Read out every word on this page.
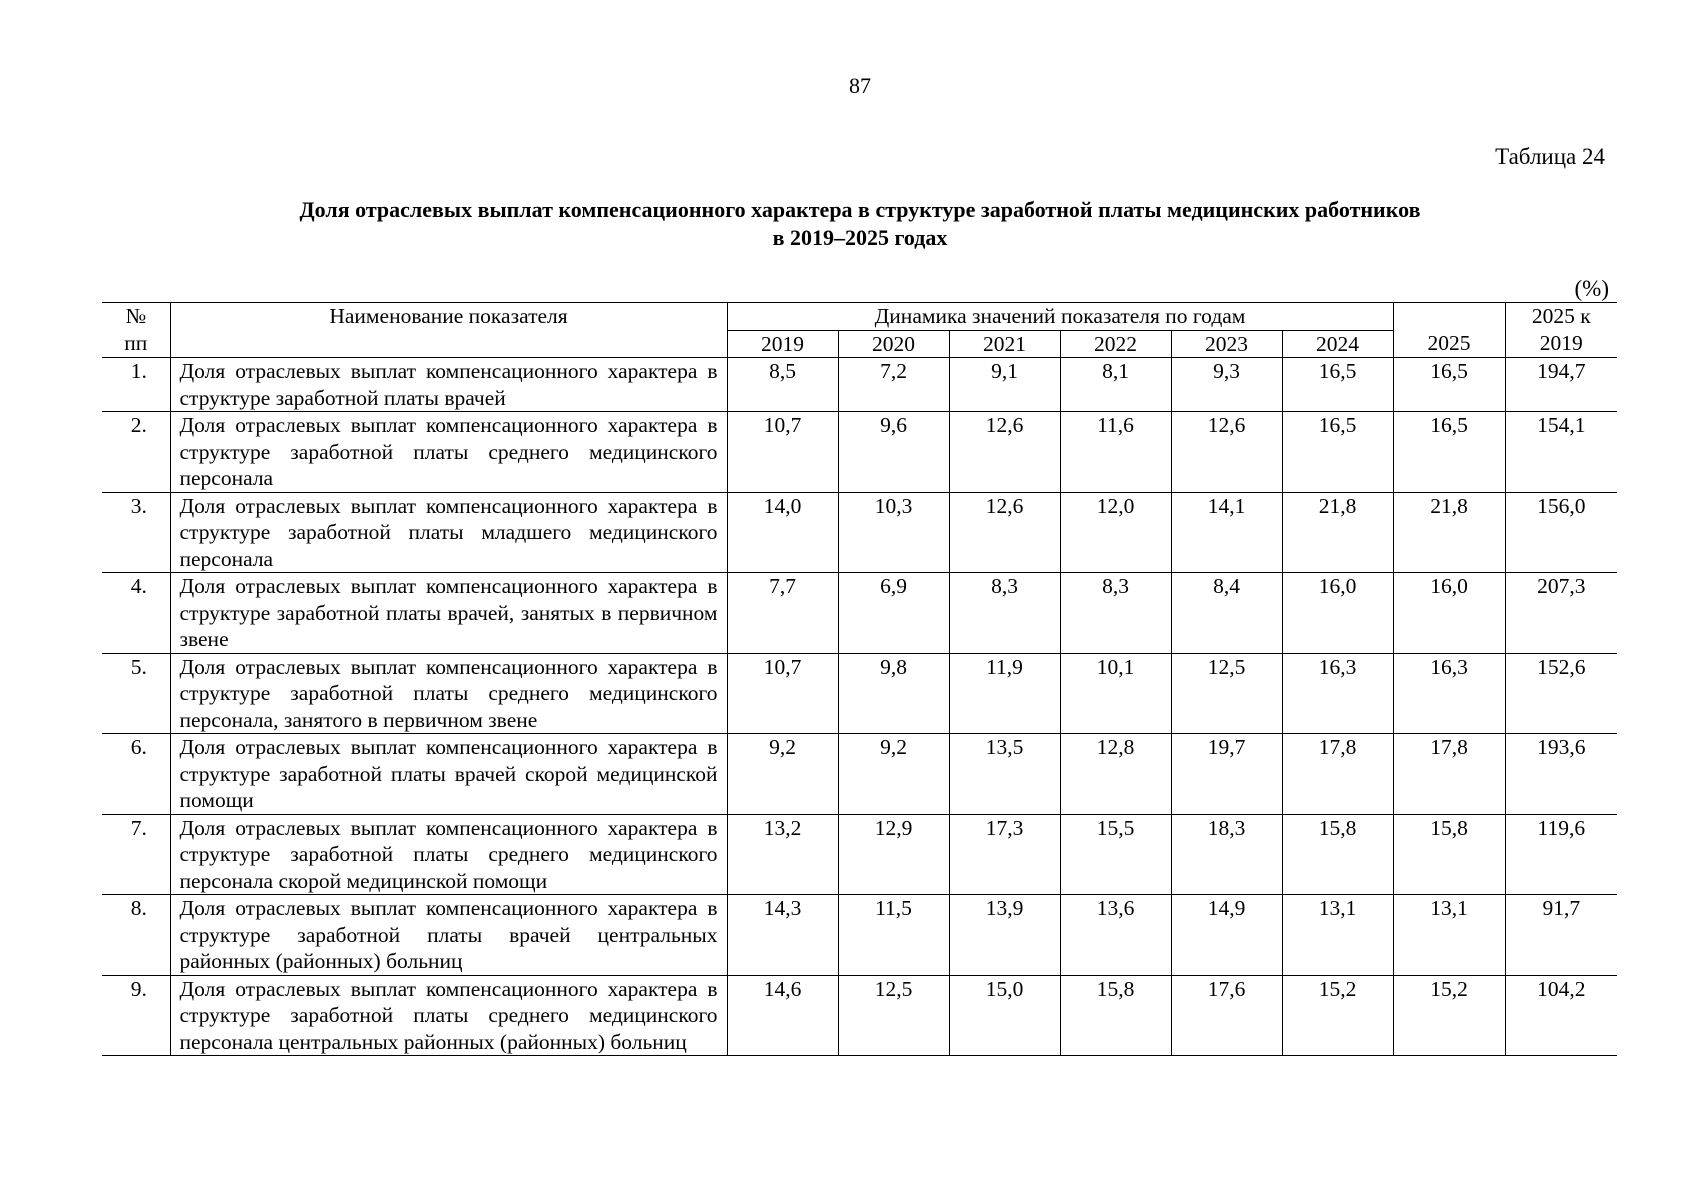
87
Таблица 24
Доля отраслевых выплат компенсационного характера в структуре заработной платы медицинских работников
в 2019–2025 годах
(%)
№	Наименование показателя	Динамика значений показателя по годам							2025 к
пп		2019	2020	2021	2022	2023	2024	2025	2019
1.	Доля отраслевых выплат компенсационного характера в структуре заработной платы врачей	8,5	7,2	9,1	8,1	9,3	16,5	16,5	194,7
2.	Доля отраслевых выплат компенсационного характера в структуре заработной платы среднего медицинского персонала	10,7	9,6	12,6	11,6	12,6	16,5	16,5	154,1
3.	Доля отраслевых выплат компенсационного характера в структуре заработной платы младшего медицинского персонала	14,0	10,3	12,6	12,0	14,1	21,8	21,8	156,0
4.	Доля отраслевых выплат компенсационного характера в структуре заработной платы врачей, занятых в первичном звене	7,7	6,9	8,3	8,3	8,4	16,0	16,0	207,3
5.	Доля отраслевых выплат компенсационного характера в структуре заработной платы среднего медицинского персонала, занятого в первичном звене	10,7	9,8	11,9	10,1	12,5	16,3	16,3	152,6
6.	Доля отраслевых выплат компенсационного характера в структуре заработной платы врачей скорой медицинской помощи	9,2	9,2	13,5	12,8	19,7	17,8	17,8	193,6
7.	Доля отраслевых выплат компенсационного характера в структуре заработной платы среднего медицинского персонала скорой медицинской помощи	13,2	12,9	17,3	15,5	18,3	15,8	15,8	119,6
8.	Доля отраслевых выплат компенсационного характера в структуре заработной платы врачей центральных районных (районных) больниц	14,3	11,5	13,9	13,6	14,9	13,1	13,1	91,7
9.	Доля отраслевых выплат компенсационного характера в структуре заработной платы среднего медицинского персонала центральных районных (районных) больниц	14,6	12,5	15,0	15,8	17,6	15,2	15,2	104,2
